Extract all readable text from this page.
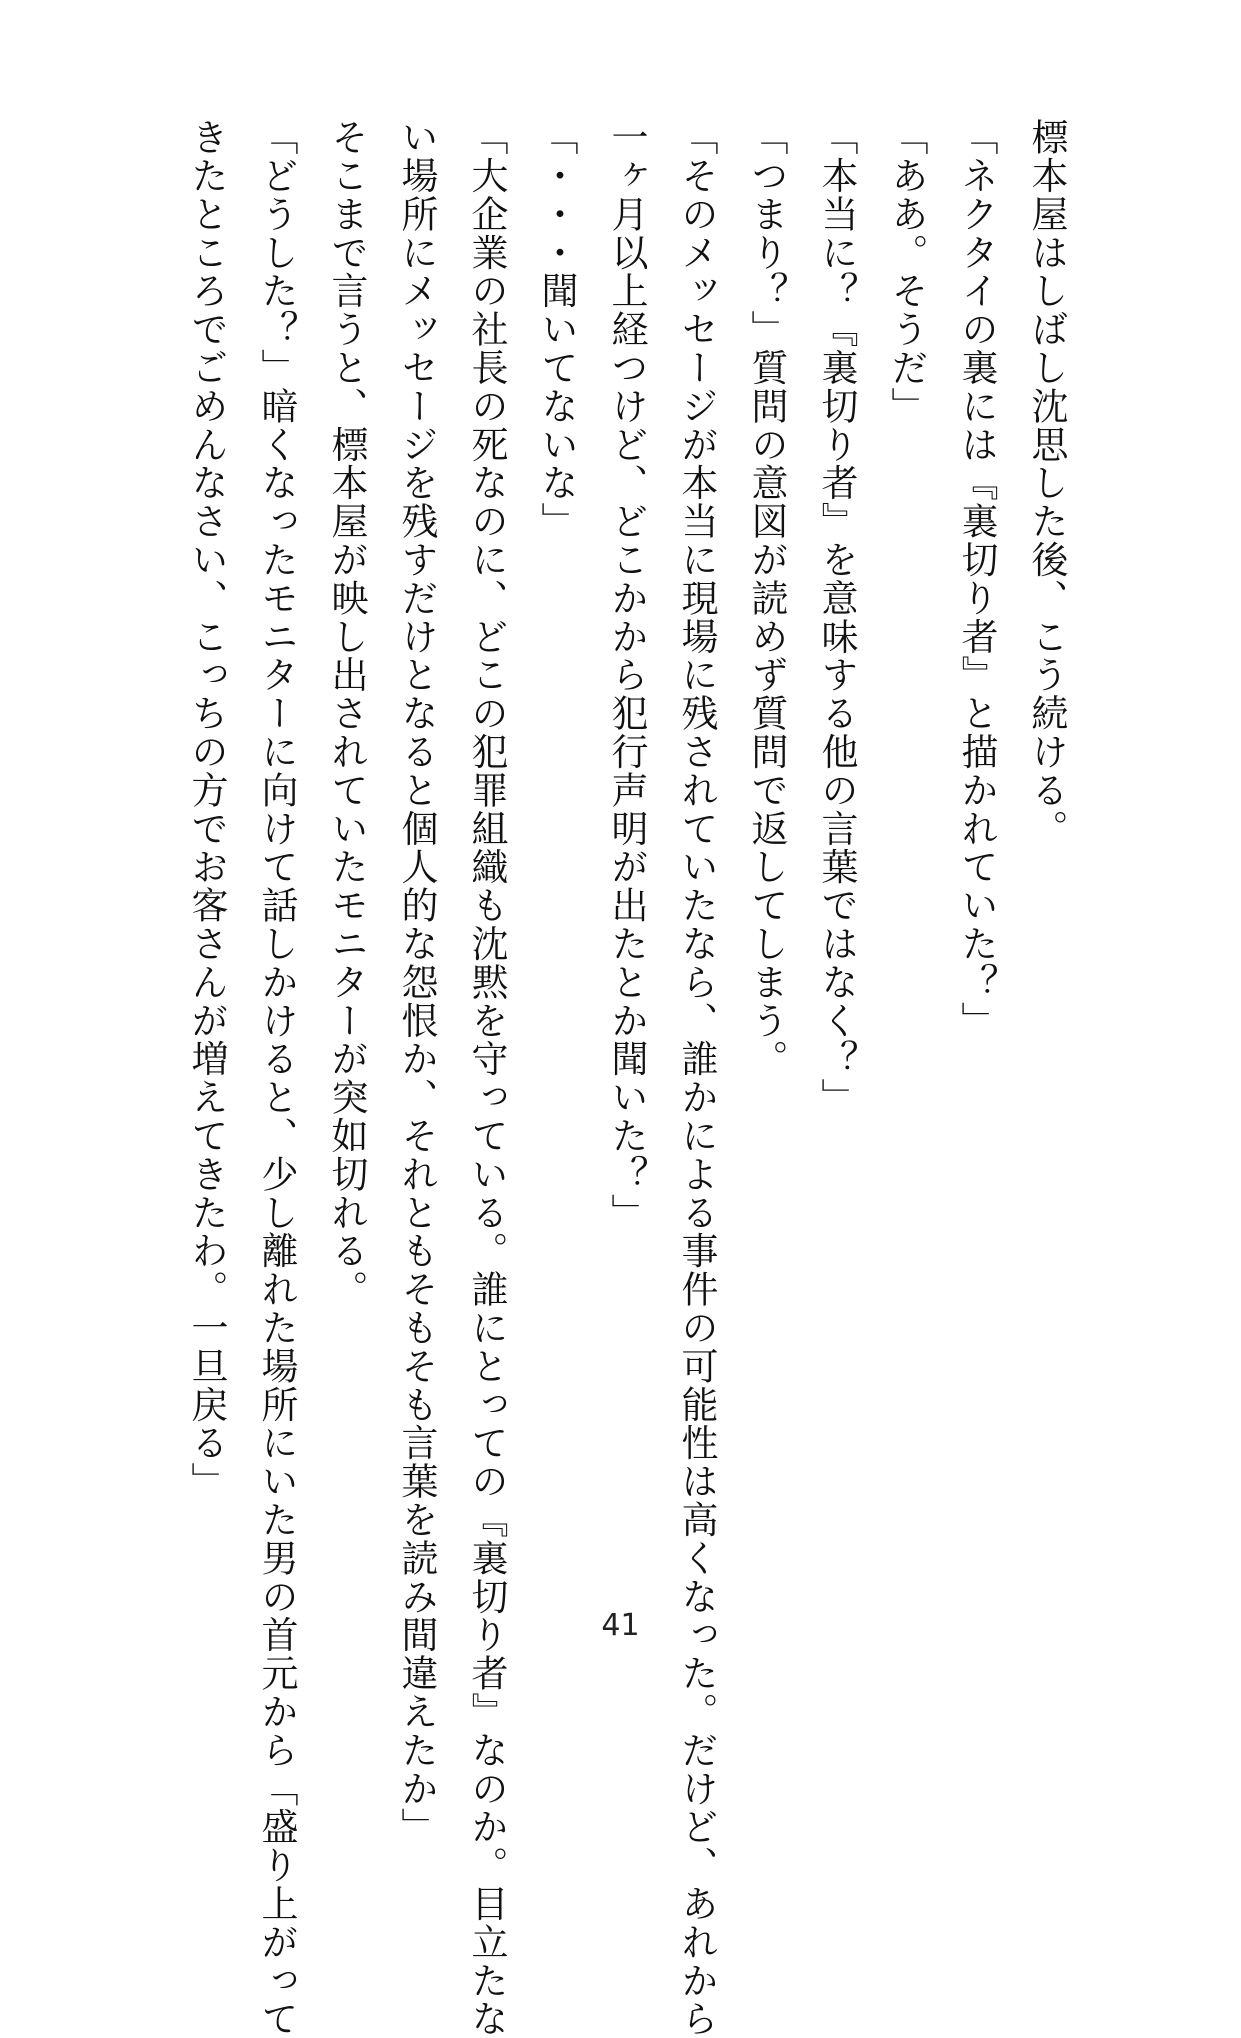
標本屋はしばし沈思した後、こう続ける。
「ネクタイの裏には『裏切り者』と描かれていた？」
「ああ。そうだ」
「本当に？『裏切り者』を意味する他の言葉ではなく？」
「つまり？」質問の意図が読めず質問で返してしまう。
「そのメッセージが本当に現場に残されていたなら、誰かによる事件の可能性は高くなった。だけど、あれから
一ヶ月以上経つけど、どこかから犯行声明が出たとか聞いた？」
「・・・聞いてないな」
「大企業の社長の死なのに、どこの犯罪組織も沈黙を守っている。誰にとっての『裏切り者』なのか。目立たな
い場所にメッセージを残すだけとなると個人的な怨恨か、それともそもそも言葉を読み間違えたか」
そこまで言うと、標本屋が映し出されていたモニターが突如切れる。
「どうした？」暗くなったモニターに向けて話しかけると、少し離れた場所にいた男の首元から「盛り上がって
きたところでごめんなさい、こっちの方でお客さんが増えてきたわ。一旦戻る」
41
